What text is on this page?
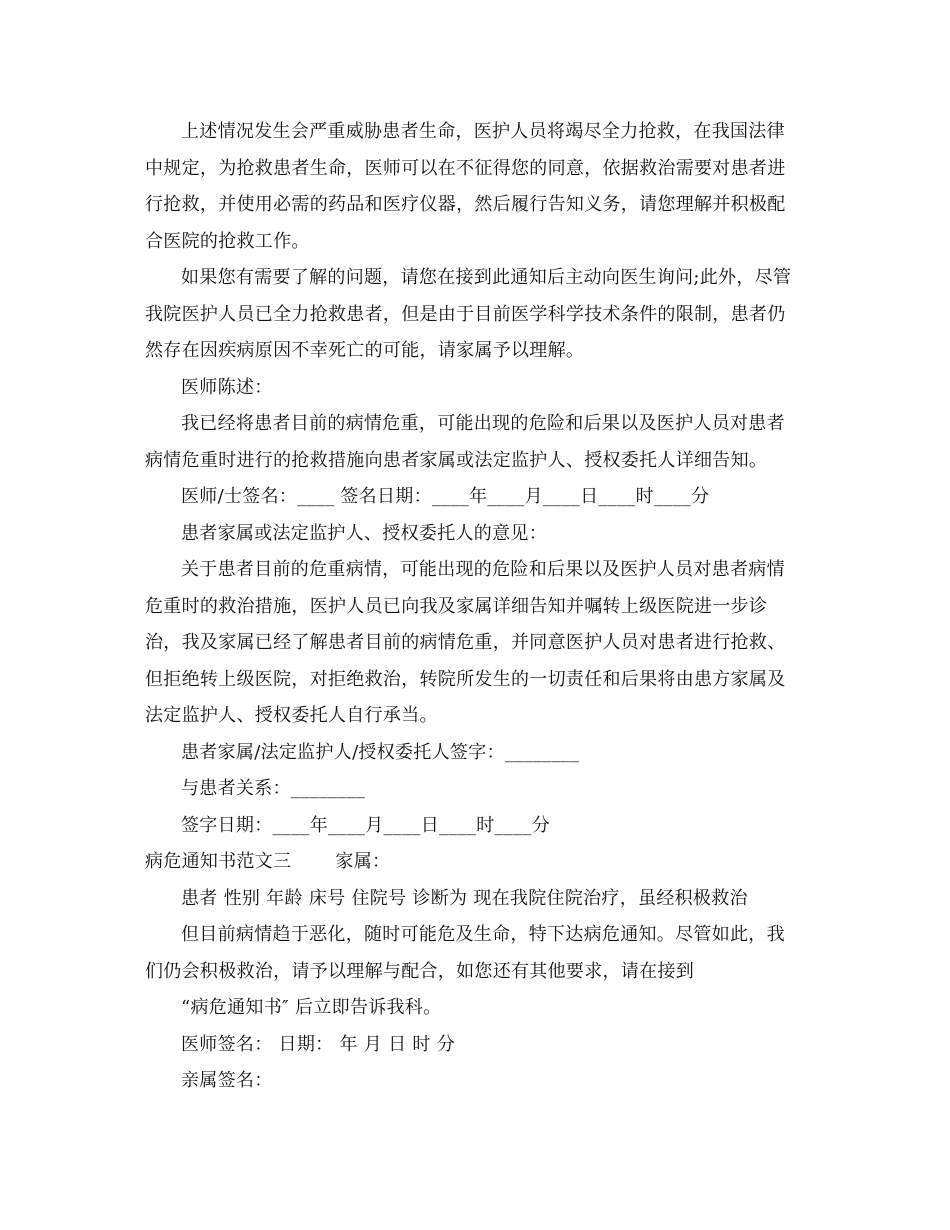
上述情况发生会严重威胁患者生命，医护人员将竭尽全力抢救，在我国法律中规定，为抢救患者生命，医师可以在不征得您的同意，依据救治需要对患者进行抢救，并使用必需的药品和医疗仪器，然后履行告知义务，请您理解并积极配合医院的抢救工作。

如果您有需要了解的问题，请您在接到此通知后主动向医生询问;此外，尽管我院医护人员已全力抢救患者，但是由于目前医学科学技术条件的限制，患者仍然存在因疾病原因不幸死亡的可能，请家属予以理解。

医师陈述：

我已经将患者目前的病情危重，可能出现的危险和后果以及医护人员对患者病情危重时进行的抢救措施向患者家属或法定监护人、授权委托人详细告知。

医师/士签名：____ 签名日期：____年____月____日____时____分

患者家属或法定监护人、授权委托人的意见：

关于患者目前的危重病情，可能出现的危险和后果以及医护人员对患者病情危重时的救治措施，医护人员已向我及家属详细告知并嘱转上级医院进一步诊治，我及家属已经了解患者目前的病情危重，并同意医护人员对患者进行抢救、但拒绝转上级医院，对拒绝救治，转院所发生的一切责任和后果将由患方家属及法定监护人、授权委托人自行承当。

患者家属/法定监护人/授权委托人签字：________

与患者关系：________

签字日期：____年____月____日____时____分

病危通知书范文三 家属：

患者 性别 年龄 床号 住院号 诊断为 现在我院住院治疗，虽经积极救治

但目前病情趋于恶化，随时可能危及生命，特下达病危通知。尽管如此，我们仍会积极救治，请予以理解与配合，如您还有其他要求，请在接到

“病危通知书″ 后立即告诉我科。

医师签名： 日期： 年 月 日 时 分

亲属签名：
